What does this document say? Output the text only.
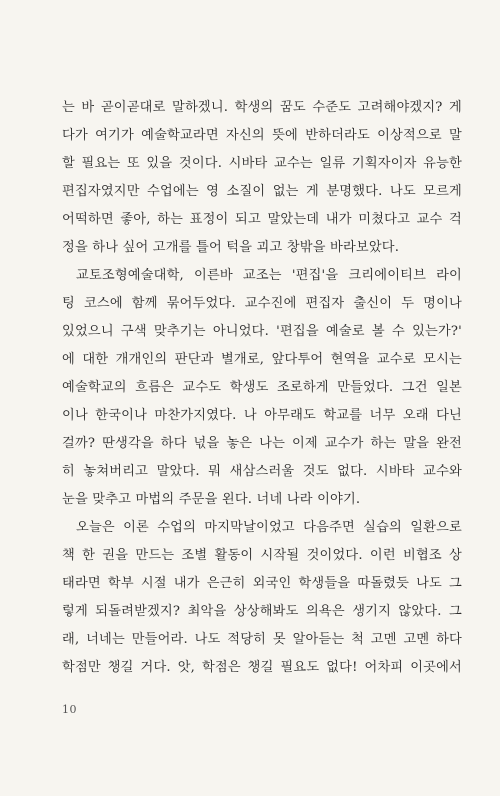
는 바 곧이곧대로 말하겠니. 학생의 꿈도 수준도 고려해야겠지? 게
다가 여기가 예술학교라면 자신의 뜻에 반하더라도 이상적으로 말
할 필요는 또 있을 것이다. 시바타 교수는 일류 기획자이자 유능한
편집자였지만 수업에는 영 소질이 없는 게 분명했다. 나도 모르게
어떡하면 좋아, 하는 표정이 되고 말았는데 내가 미쳤다고 교수 걱
정을 하나 싶어 고개를 틀어 턱을 괴고 창밖을 바라보았다.
교토조형예술대학, 이른바 교조는 '편집'을 크리에이티브 라이
팅 코스에 함께 묶어두었다. 교수진에 편집자 출신이 두 명이나
있었으니 구색 맞추기는 아니었다. '편집을 예술로 볼 수 있는가?'
에 대한 개개인의 판단과 별개로, 앞다투어 현역을 교수로 모시는
예술학교의 흐름은 교수도 학생도 조로하게 만들었다. 그건 일본
이나 한국이나 마찬가지였다. 나 아무래도 학교를 너무 오래 다닌
걸까? 딴생각을 하다 넋을 놓은 나는 이제 교수가 하는 말을 완전
히 놓쳐버리고 말았다. 뭐 새삼스러울 것도 없다. 시바타 교수와
눈을 맞추고 마법의 주문을 왼다. 너네 나라 이야기.
오늘은 이론 수업의 마지막날이었고 다음주면 실습의 일환으로
책 한 권을 만드는 조별 활동이 시작될 것이었다. 이런 비협조 상
태라면 학부 시절 내가 은근히 외국인 학생들을 따돌렸듯 나도 그
렇게 되돌려받겠지? 최악을 상상해봐도 의욕은 생기지 않았다. 그
래, 너네는 만들어라. 나도 적당히 못 알아듣는 척 고멘 고멘 하다
학점만 챙길 거다. 앗, 학점은 챙길 필요도 없다! 어차피 이곳에서
10
